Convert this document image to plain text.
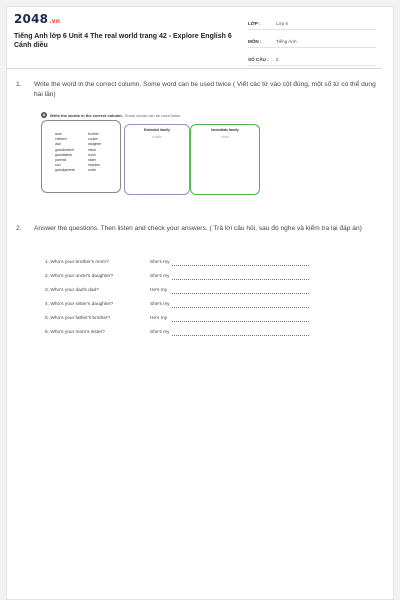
2048.vn
Tiếng Anh lớp 6 Unit 4 The real world trang 42 - Explore English 6 Cánh diều
LỚP :	Lớp 6
MÔN :	Tiếng Anh
SỐ CÂU :	2
1. Write the word in the correct column. Some word can be used twice ( Viết các từ vào cột đúng, một số từ có thể dung hai lần)
A	Write the words in the correct column. Some words can be used twice.
aunt
children
dad
grandmother
grandfather
parents
son
grandparents
brother
cousin
daughter
niece
mom
sister
nephew
uncle
Extended family
cousin
Immediate family
mom
2. Answer the questions. Then listen and check your answers. ( Trả lời câu hỏi, sau đó nghe và kiểm tra lại đáp án)
1. Who's your brother's mom?	She's my
2. Who's your uncle's daughter?	She's my
3. Who's your dad's dad?	He's my
4. Who's your sister's daughter?	She's my
5. Who's your father's brother?	He's my
6. Who's your mom's sister?	She's my
